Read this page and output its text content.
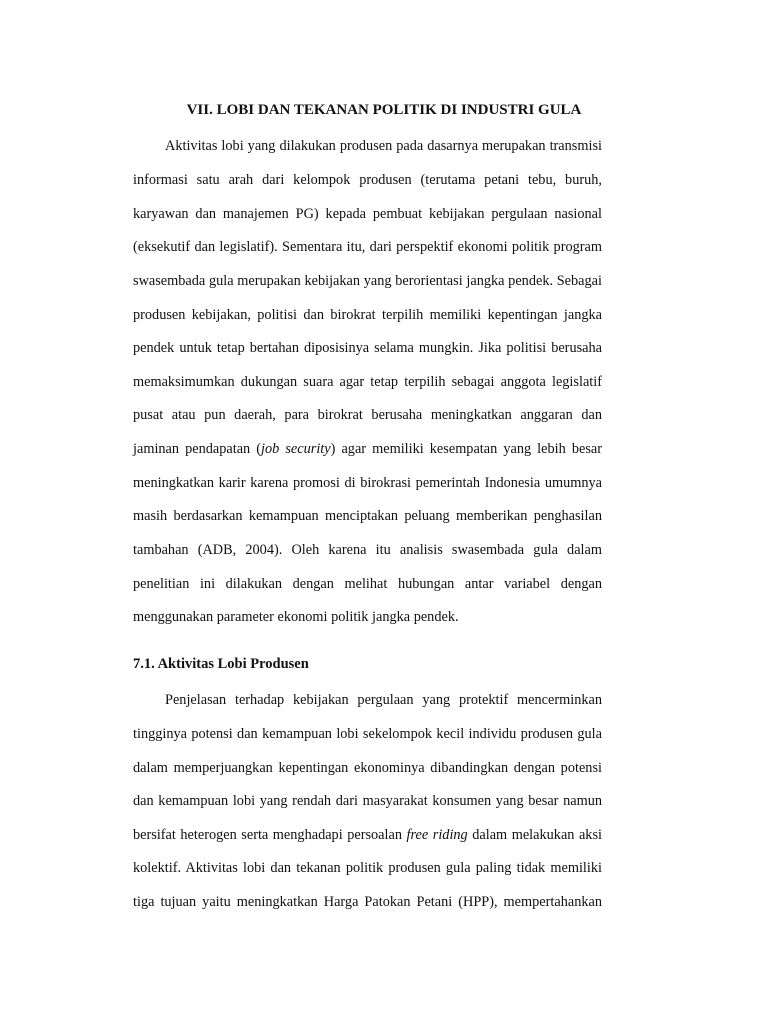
VII. LOBI DAN TEKANAN POLITIK DI INDUSTRI GULA
Aktivitas lobi yang dilakukan produsen pada dasarnya merupakan transmisi
informasi satu arah dari kelompok produsen (terutama petani tebu, buruh,
karyawan dan manajemen PG) kepada pembuat kebijakan pergulaan nasional
(eksekutif dan legislatif). Sementara itu, dari perspektif ekonomi politik program
swasembada gula merupakan kebijakan yang berorientasi jangka pendek. Sebagai
produsen kebijakan, politisi dan birokrat terpilih memiliki kepentingan jangka
pendek untuk tetap bertahan diposisinya selama mungkin. Jika politisi berusaha
memaksimumkan dukungan suara agar tetap terpilih sebagai anggota legislatif
pusat atau pun daerah, para birokrat berusaha meningkatkan anggaran dan
jaminan pendapatan (job security) agar memiliki kesempatan yang lebih besar
meningkatkan karir karena promosi di birokrasi pemerintah Indonesia umumnya
masih berdasarkan kemampuan menciptakan peluang memberikan penghasilan
tambahan (ADB, 2004). Oleh karena itu analisis swasembada gula dalam
penelitian ini dilakukan dengan melihat hubungan antar variabel dengan
menggunakan parameter ekonomi politik jangka pendek.
7.1. Aktivitas Lobi Produsen
Penjelasan terhadap kebijakan pergulaan yang protektif mencerminkan
tingginya potensi dan kemampuan lobi sekelompok kecil individu produsen gula
dalam memperjuangkan kepentingan ekonominya dibandingkan dengan potensi
dan kemampuan lobi yang rendah dari masyarakat konsumen yang besar namun
bersifat heterogen serta menghadapi persoalan free riding dalam melakukan aksi
kolektif. Aktivitas lobi dan tekanan politik produsen gula paling tidak memiliki
tiga tujuan yaitu meningkatkan Harga Patokan Petani (HPP), mempertahankan
